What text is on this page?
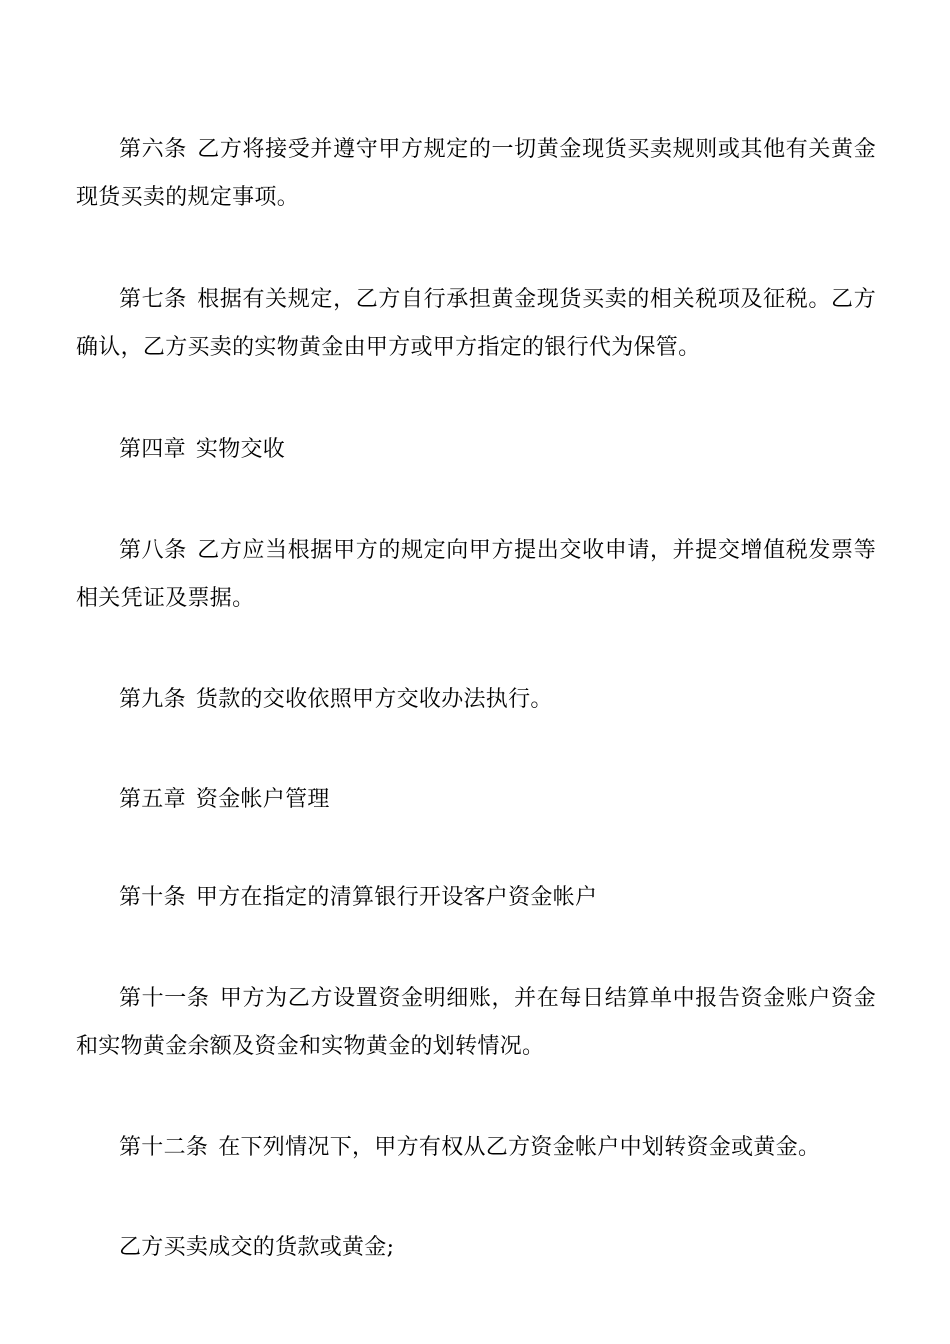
第六条 乙方将接受并遵守甲方规定的一切黄金现货买卖规则或其他有关黄金现货买卖的规定事项。

第七条 根据有关规定，乙方自行承担黄金现货买卖的相关税项及征税。乙方确认，乙方买卖的实物黄金由甲方或甲方指定的银行代为保管。

第四章 实物交收

第八条 乙方应当根据甲方的规定向甲方提出交收申请，并提交增值税发票等相关凭证及票据。

第九条 货款的交收依照甲方交收办法执行。

第五章 资金帐户管理

第十条 甲方在指定的清算银行开设客户资金帐户

第十一条 甲方为乙方设置资金明细账，并在每日结算单中报告资金账户资金和实物黄金余额及资金和实物黄金的划转情况。

第十二条 在下列情况下，甲方有权从乙方资金帐户中划转资金或黄金。

乙方买卖成交的货款或黄金;
